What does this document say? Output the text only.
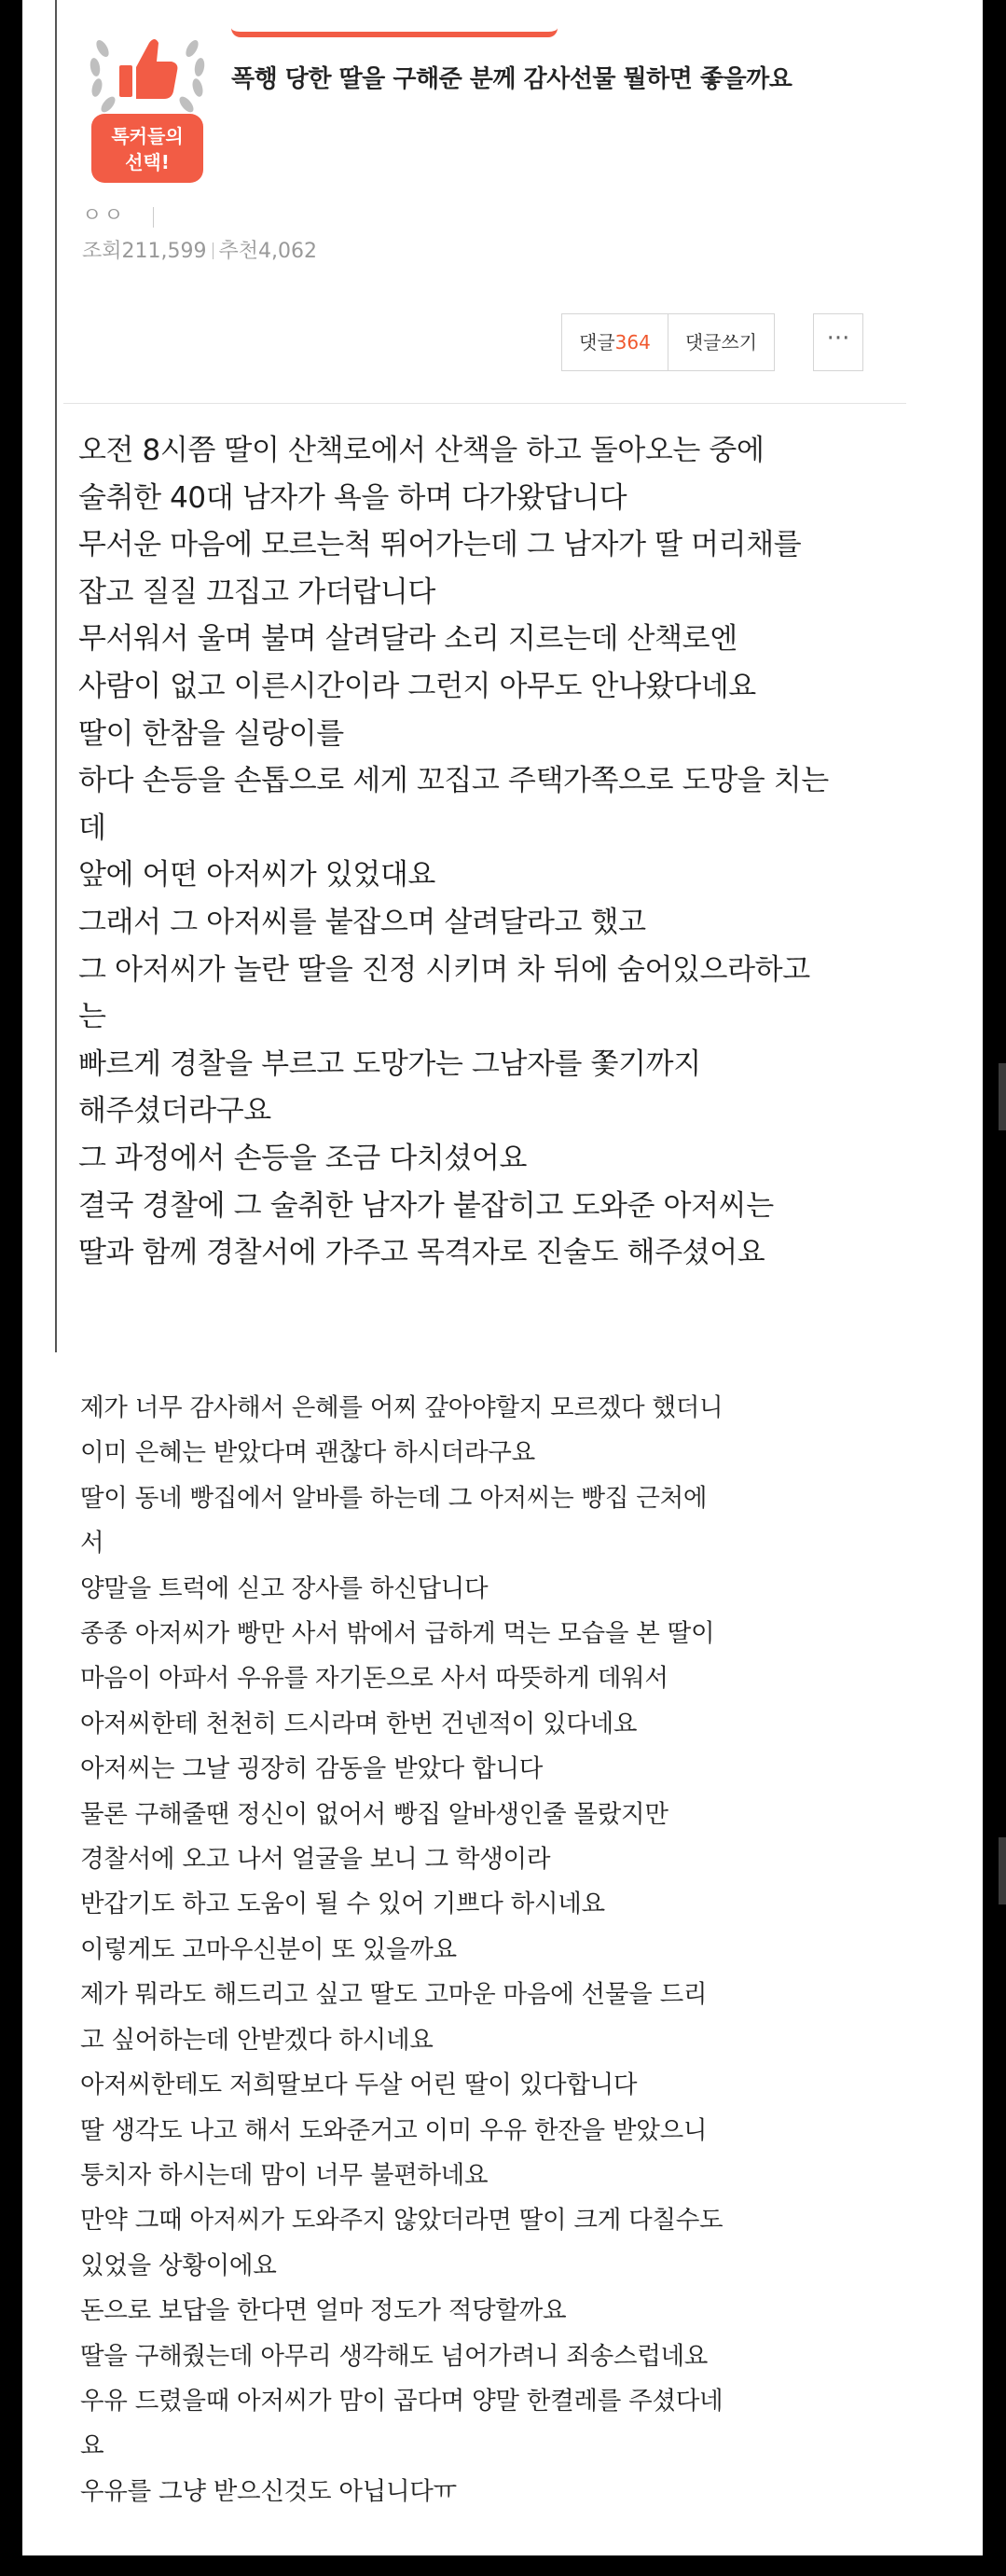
톡커들의
선택!
폭행 당한 딸을 구해준 분께 감사선물 뭘하면 좋을까요
ㅇㅇ
조회211,599 추천4,062
댓글364	댓글쓰기	···
오전 8시쯤 딸이 산책로에서 산책을 하고 돌아오는 중에
술취한 40대 남자가 욕을 하며 다가왔답니다
무서운 마음에 모르는척 뛰어가는데 그 남자가 딸 머리채를
잡고 질질 끄집고 가더랍니다
무서워서 울며 불며 살려달라 소리 지르는데 산책로엔
사람이 없고 이른시간이라 그런지 아무도 안나왔다네요
딸이 한참을 실랑이를
하다 손등을 손톱으로 세게 꼬집고 주택가쪽으로 도망을 치는
데
앞에 어떤 아저씨가 있었대요
그래서 그 아저씨를 붙잡으며 살려달라고 했고
그 아저씨가 놀란 딸을 진정 시키며 차 뒤에 숨어있으라하고
는
빠르게 경찰을 부르고 도망가는 그남자를 쫓기까지
해주셨더라구요
그 과정에서 손등을 조금 다치셨어요
결국 경찰에 그 술취한 남자가 붙잡히고 도와준 아저씨는
딸과 함께 경찰서에 가주고 목격자로 진술도 해주셨어요
제가 너무 감사해서 은혜를 어찌 갚아야할지 모르겠다 했더니
이미 은혜는 받았다며 괜찮다 하시더라구요
딸이 동네 빵집에서 알바를 하는데 그 아저씨는 빵집 근처에
서
양말을 트럭에 싣고 장사를 하신답니다
종종 아저씨가 빵만 사서 밖에서 급하게 먹는 모습을 본 딸이
마음이 아파서 우유를 자기돈으로 사서 따뜻하게 데워서
아저씨한테 천천히 드시라며 한번 건넨적이 있다네요
아저씨는 그날 굉장히 감동을 받았다 합니다
물론 구해줄땐 정신이 없어서 빵집 알바생인줄 몰랐지만
경찰서에 오고 나서 얼굴을 보니 그 학생이라
반갑기도 하고 도움이 될 수 있어 기쁘다 하시네요
이렇게도 고마우신분이 또 있을까요
제가 뭐라도 해드리고 싶고 딸도 고마운 마음에 선물을 드리
고 싶어하는데 안받겠다 하시네요
아저씨한테도 저희딸보다 두살 어린 딸이 있다합니다
딸 생각도 나고 해서 도와준거고 이미 우유 한잔을 받았으니
퉁치자 하시는데 맘이 너무 불편하네요
만약 그때 아저씨가 도와주지 않았더라면 딸이 크게 다칠수도
있었을 상황이에요
돈으로 보답을 한다면 얼마 정도가 적당할까요
딸을 구해줬는데 아무리 생각해도 넘어가려니 죄송스럽네요
우유 드렸을때 아저씨가 맘이 곱다며 양말 한켤레를 주셨다네
요
우유를 그냥 받으신것도 아닙니다ㅠ
